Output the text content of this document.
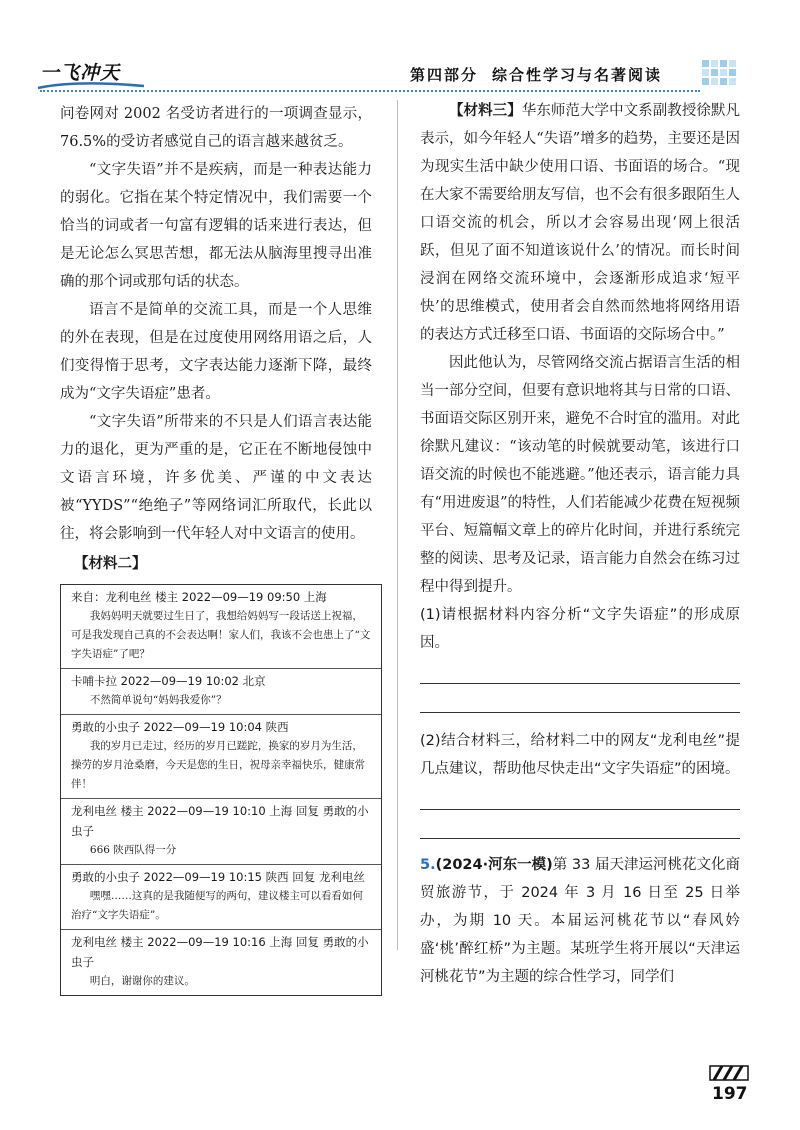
一飞冲天	第四部分 综合性学习与名著阅读

问卷网对 2002 名受访者进行的一项调查显示，76.5%的受访者感觉自己的语言越来越贫乏。

“文字失语”并不是疾病，而是一种表达能力的弱化。它指在某个特定情况中，我们需要一个恰当的词或者一句富有逻辑的话来进行表达，但是无论怎么冥思苦想，都无法从脑海里搜寻出准确的那个词或那句话的状态。

语言不是简单的交流工具，而是一个人思维的外在表现，但是在过度使用网络用语之后，人们变得惰于思考，文字表达能力逐渐下降，最终成为“文字失语症”患者。

“文字失语”所带来的不只是人们语言表达能力的退化，更为严重的是，它正在不断地侵蚀中文语言环境，许多优美、严谨的中文表达被“YYDS”“绝绝子”等网络词汇所取代，长此以往，将会影响到一代年轻人对中文语言的使用。

【材料二】
来自：龙利电丝 楼主 2022—09—19 09:50 上海
我妈妈明天就要过生日了，我想给妈妈写一段话送上祝福，可是我发现自己真的不会表达啊！家人们，我该不会也患上了“文字失语症”了吧？
卡哺卡拉 2022—09—19 10:02 北京
不然简单说句“妈妈我爱你”？
勇敢的小虫子 2022—09—19 10:04 陕西
我的岁月已走过，经历的岁月已蹉跎，换家的岁月为生活，操劳的岁月沧桑磨，今天是您的生日，祝母亲幸福快乐，健康常伴！
龙利电丝 楼主 2022—09—19 10:10 上海 回复 勇敢的小虫子
666 陕西队得一分
勇敢的小虫子 2022—09—19 10:15 陕西 回复 龙利电丝
嘿嘿……这真的是我随便写的两句，建议楼主可以看看如何治疗“文字失语症”。
龙利电丝 楼主 2022—09—19 10:16 上海 回复 勇敢的小虫子
明白，谢谢你的建议。

【材料三】华东师范大学中文系副教授徐默凡表示，如今年轻人“失语”增多的趋势，主要还是因为现实生活中缺少使用口语、书面语的场合。“现在大家不需要给朋友写信，也不会有很多跟陌生人口语交流的机会，所以才会容易出现‘网上很活跃，但见了面不知道该说什么’的情况。而长时间浸润在网络交流环境中，会逐渐形成追求‘短平快’的思维模式，使用者会自然而然地将网络用语的表达方式迁移至口语、书面语的交际场合中。”

因此他认为，尽管网络交流占据语言生活的相当一部分空间，但要有意识地将其与日常的口语、书面语交际区别开来，避免不合时宜的滥用。对此徐默凡建议：“该动笔的时候就要动笔，该进行口语交流的时候也不能逃避。”他还表示，语言能力具有“用进废退”的特性，人们若能减少花费在短视频平台、短篇幅文章上的碎片化时间，并进行系统完整的阅读、思考及记录，语言能力自然会在练习过程中得到提升。

(1)请根据材料内容分析“文字失语症”的形成原因。

(2)结合材料三，给材料二中的网友“龙利电丝”提几点建议，帮助他尽快走出“文字失语症”的困境。

5.(2024·河东一模)第 33 届天津运河桃花文化商贸旅游节，于 2024 年 3 月 16 日至 25 日举办，为期 10 天。本届运河桃花节以“春风妗盛‘桃’醉红桥”为主题。某班学生将开展以“天津运河桃花节”为主题的综合性学习，同学们

197
